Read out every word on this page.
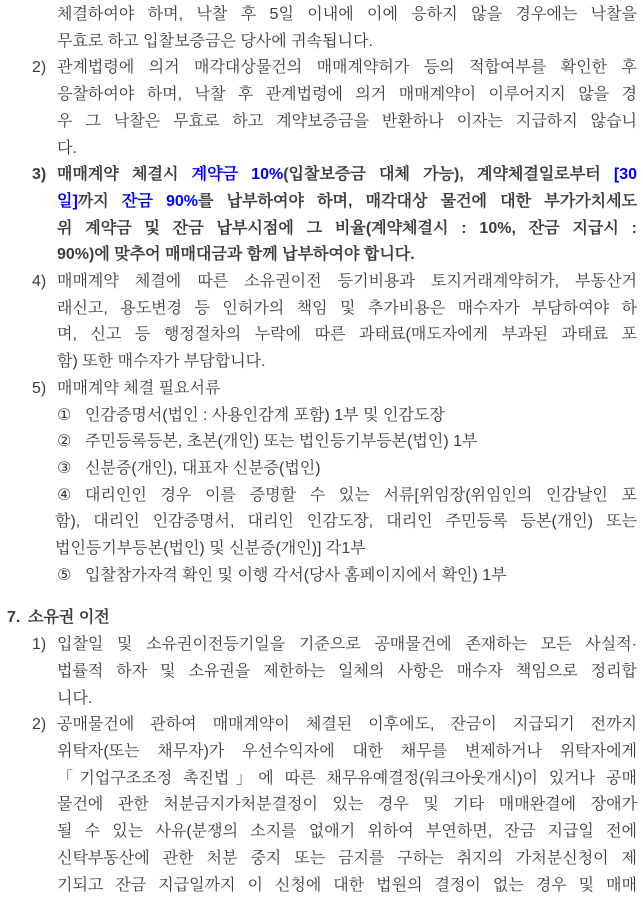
체결하여야 하며, 낙찰 후 5일 이내에 이에 응하지 않을 경우에는 낙찰을
무효로 하고 입찰보증금은 당사에 귀속됩니다.
2) 관계법령에 의거 매각대상물건의 매매계약허가 등의 적합여부를 확인한 후
응찰하여야 하며, 낙찰 후 관계법령에 의거 매매계약이 이루어지지 않을 경
우 그 낙찰은 무효로 하고 계약보증금을 반환하나 이자는 지급하지 않습니
다.
3) 매매계약 체결시 계약금 10%(입찰보증금 대체 가능), 계약체결일로부터 [30
일]까지 잔금 90%를 납부하여야 하며, 매각대상 물건에 대한 부가가치세도
위 계약금 및 잔금 납부시점에 그 비율(계약체결시 : 10%, 잔금 지급시 :
90%)에 맞추어 매매대금과 함께 납부하여야 합니다.
4) 매매계약 체결에 따른 소유권이전 등기비용과 토지거래계약허가, 부동산거
래신고, 용도변경 등 인허가의 책임 및 추가비용은 매수자가 부담하여야 하
며, 신고 등 행정절차의 누락에 따른 과태료(매도자에게 부과된 과태료 포
함) 또한 매수자가 부담합니다.
5) 매매계약 체결 필요서류
① 인감증명서(법인 : 사용인감계 포함) 1부 및 인감도장
② 주민등록등본, 초본(개인) 또는 법인등기부등본(법인) 1부
③ 신분증(개인), 대표자 신분증(법인)
④ 대리인인 경우 이를 증명할 수 있는 서류[위임장(위임인의 인감날인 포
함), 대리인 인감증명서, 대리인 인감도장, 대리인 주민등록 등본(개인) 또는
법인등기부등본(법인) 및 신분증(개인)] 각1부
⑤ 입찰참가자격 확인 및 이행 각서(당사 홈페이지에서 확인) 1부
7. 소유권 이전
1) 입찰일 및 소유권이전등기일을 기준으로 공매물건에 존재하는 모든 사실적·
법률적 하자 및 소유권을 제한하는 일체의 사항은 매수자 책임으로 정리합
니다.
2) 공매물건에 관하여 매매계약이 체결된 이후에도, 잔금이 지급되기 전까지
위탁자(또는 채무자)가 우선수익자에 대한 채무를 변제하거나 위탁자에게
「기업구조조정 촉진법」에 따른 채무유예결정(워크아웃개시)이 있거나 공매
물건에 관한 처분금지가처분결정이 있는 경우 및 기타 매매완결에 장애가
될 수 있는 사유(분쟁의 소지를 없애기 위하여 부연하면, 잔금 지급일 전에
신탁부동산에 관한 처분 중지 또는 금지를 구하는 취지의 가처분신청이 제
기되고 잔금 지급일까지 이 신청에 대한 법원의 결정이 없는 경우 및 매매
